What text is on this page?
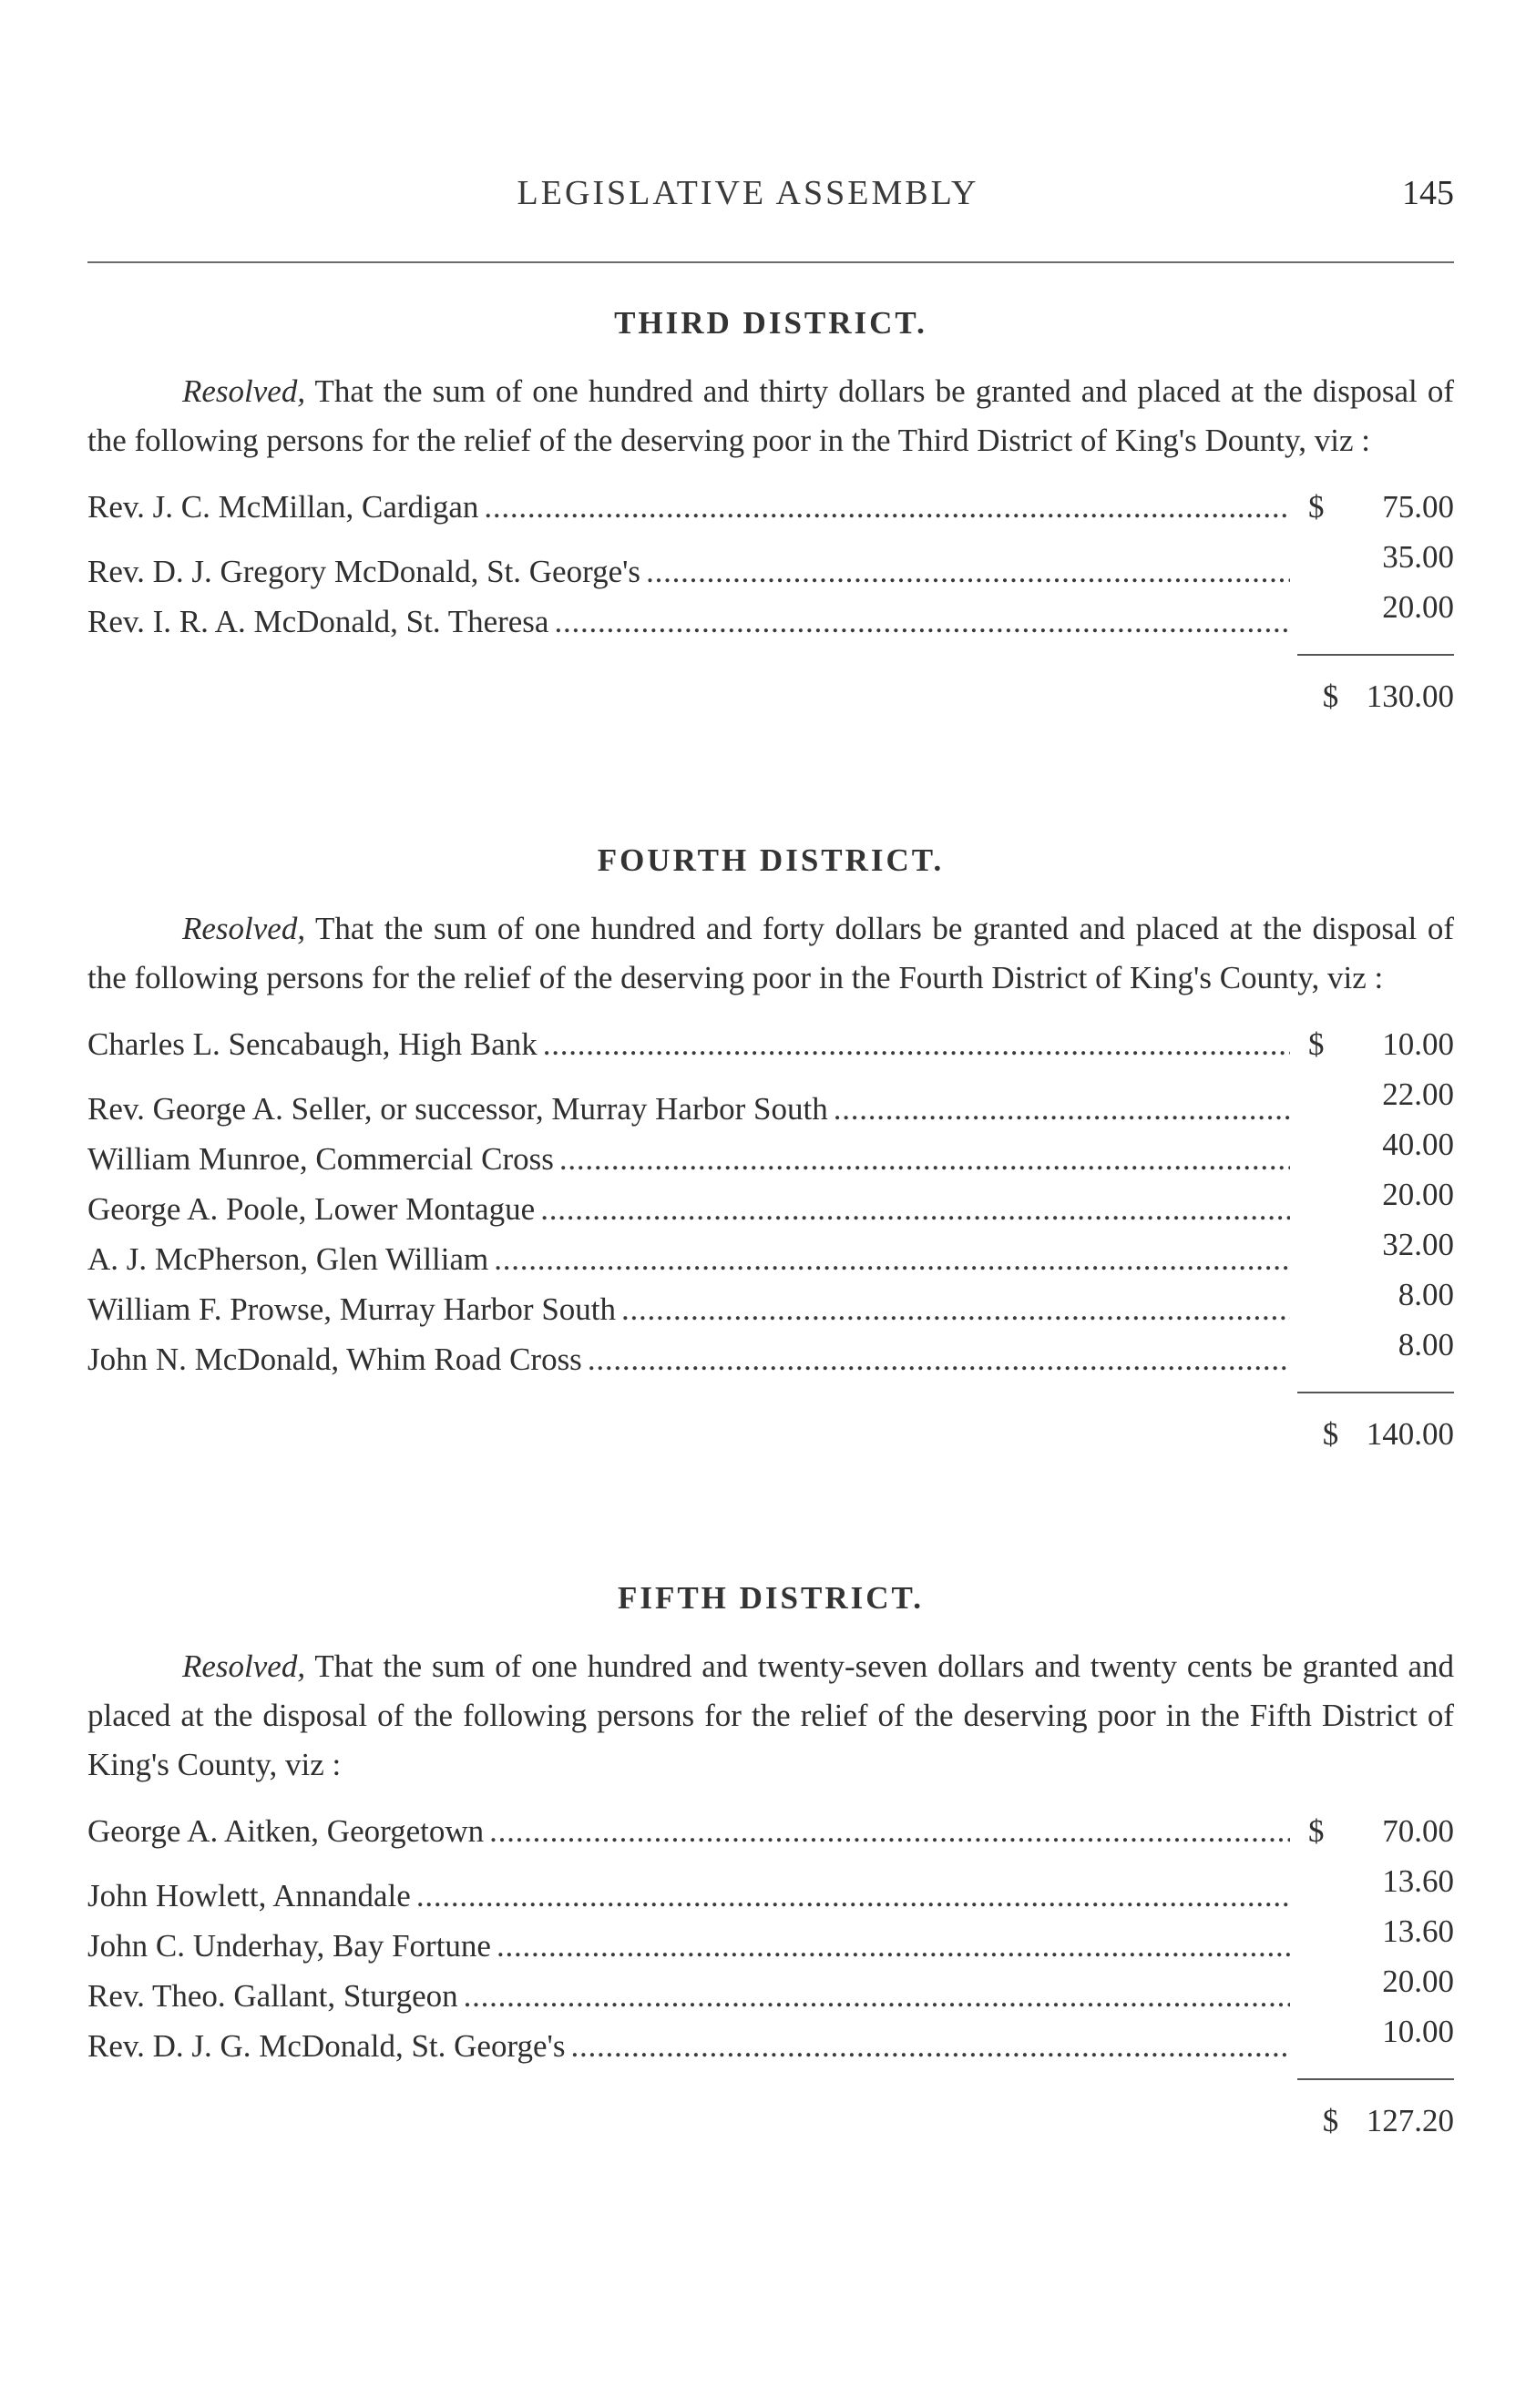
LEGISLATIVE ASSEMBLY	145
THIRD DISTRICT.

Resolved, That the sum of one hundred and thirty dollars be granted and placed at the disposal of the following persons for the relief of the deserving poor in the Third District of King's Dounty, viz :

Rev. J. C. McMillan, Cardigan . . .	$	75.00
Rev. D. J. Gregory McDonald, St. George's . . .	35.00
Rev. I. R. A. McDonald, St. Theresa . . .	20.00
$ 130.00
FOURTH DISTRICT.

Resolved, That the sum of one hundred and forty dollars be granted and placed at the disposal of the following persons for the relief of the deserving poor in the Fourth District of King's County, viz :

Charles L. Sencabaugh, High Bank . . .	$	10.00
Rev. George A. Seller, or successor, Murray Harbor South . . .	22.00
William Munroe, Commercial Cross . . .	40.00
George A. Poole, Lower Montague . . .	20.00
A. J. McPherson, Glen William . . .	32.00
William F. Prowse, Murray Harbor South . . .	8.00
John N. McDonald, Whim Road Cross . . .	8.00
$ 140.00
FIFTH DISTRICT.

Resolved, That the sum of one hundred and twenty-seven dollars and twenty cents be granted and placed at the disposal of the following persons for the relief of the deserving poor in the Fifth District of King's County, viz :

George A. Aitken, Georgetown . . .	$	70.00
John Howlett, Annandale . . .	13.60
John C. Underhay, Bay Fortune . . .	13.60
Rev. Theo. Gallant, Sturgeon . . .	20.00
Rev. D. J. G. McDonald, St. George's . . .	10.00
$ 127.20
